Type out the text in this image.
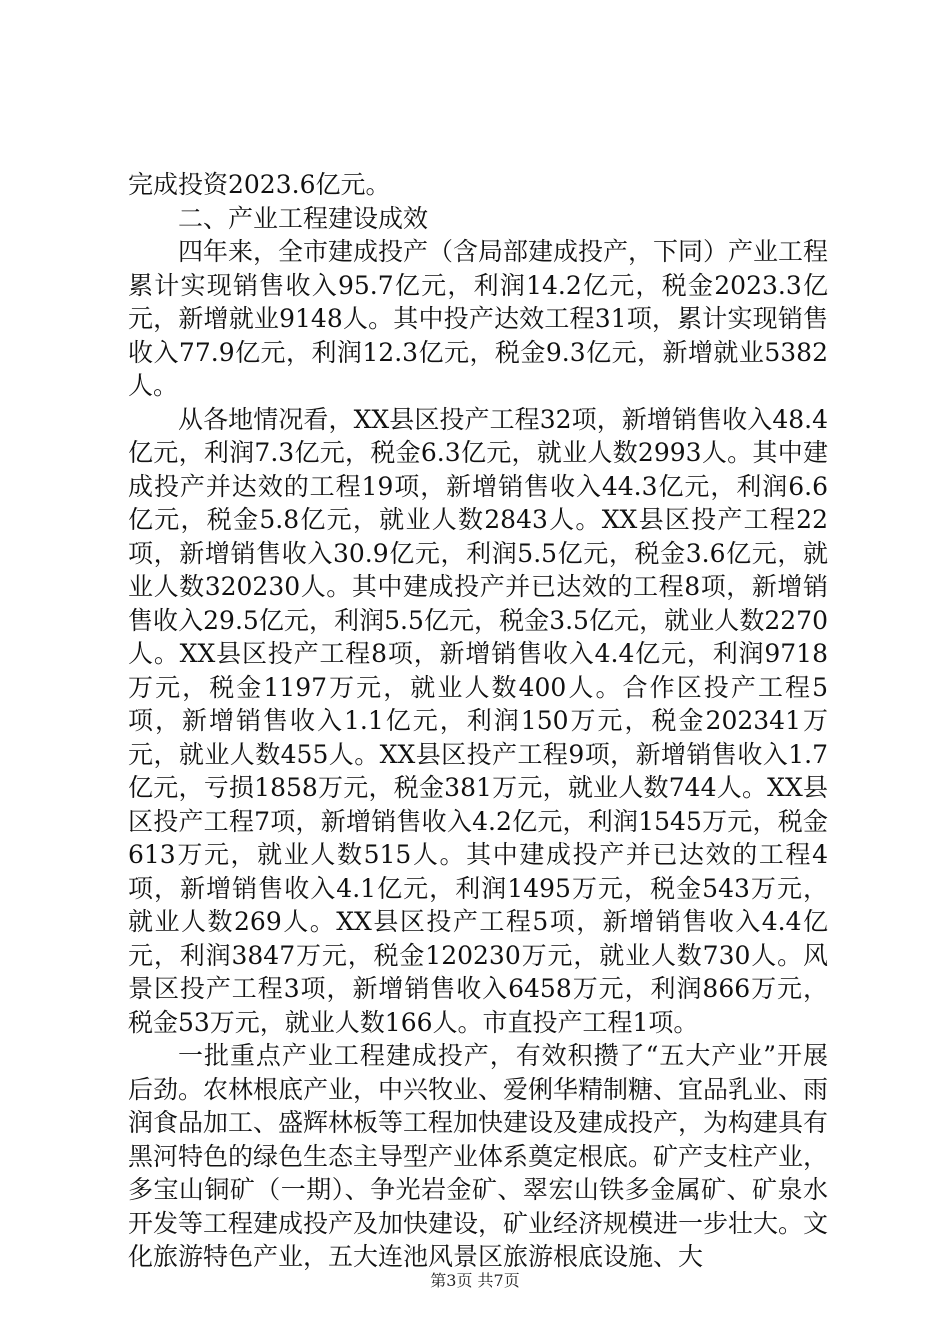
完成投资2023.6亿元。

二、产业工程建设成效

四年来，全市建成投产（含局部建成投产，下同）产业工程累计实现销售收入95.7亿元，利润14.2亿元，税金2023.3亿元，新增就业9148人。其中投产达效工程31项，累计实现销售收入77.9亿元，利润12.3亿元，税金9.3亿元，新增就业5382人。

从各地情况看，XX县区投产工程32项，新增销售收入48.4亿元，利润7.3亿元，税金6.3亿元，就业人数2993人。其中建成投产并达效的工程19项，新增销售收入44.3亿元，利润6.6亿元，税金5.8亿元，就业人数2843人。XX县区投产工程22项，新增销售收入30.9亿元，利润5.5亿元，税金3.6亿元，就业人数320230人。其中建成投产并已达效的工程8项，新增销售收入29.5亿元，利润5.5亿元，税金3.5亿元，就业人数2270人。XX县区投产工程8项，新增销售收入4.4亿元，利润9718万元，税金1197万元，就业人数400人。合作区投产工程5项，新增销售收入1.1亿元，利润150万元，税金202341万元，就业人数455人。XX县区投产工程9项，新增销售收入1.7亿元，亏损1858万元，税金381万元，就业人数744人。XX县区投产工程7项，新增销售收入4.2亿元，利润1545万元，税金613万元，就业人数515人。其中建成投产并已达效的工程4项，新增销售收入4.1亿元，利润1495万元，税金543万元，就业人数269人。XX县区投产工程5项，新增销售收入4.4亿元，利润3847万元，税金120230万元，就业人数730人。风景区投产工程3项，新增销售收入6458万元，利润866万元，税金53万元，就业人数166人。市直投产工程1项。

一批重点产业工程建成投产，有效积攒了“五大产业”开展后劲。农林根底产业，中兴牧业、爱俐华精制糖、宜品乳业、雨润食品加工、盛辉林板等工程加快建设及建成投产，为构建具有黑河特色的绿色生态主导型产业体系奠定根底。矿产支柱产业，多宝山铜矿（一期）、争光岩金矿、翠宏山铁多金属矿、矿泉水开发等工程建成投产及加快建设，矿业经济规模进一步壮大。文化旅游特色产业，五大连池风景区旅游根底设施、大

第3页 共7页
